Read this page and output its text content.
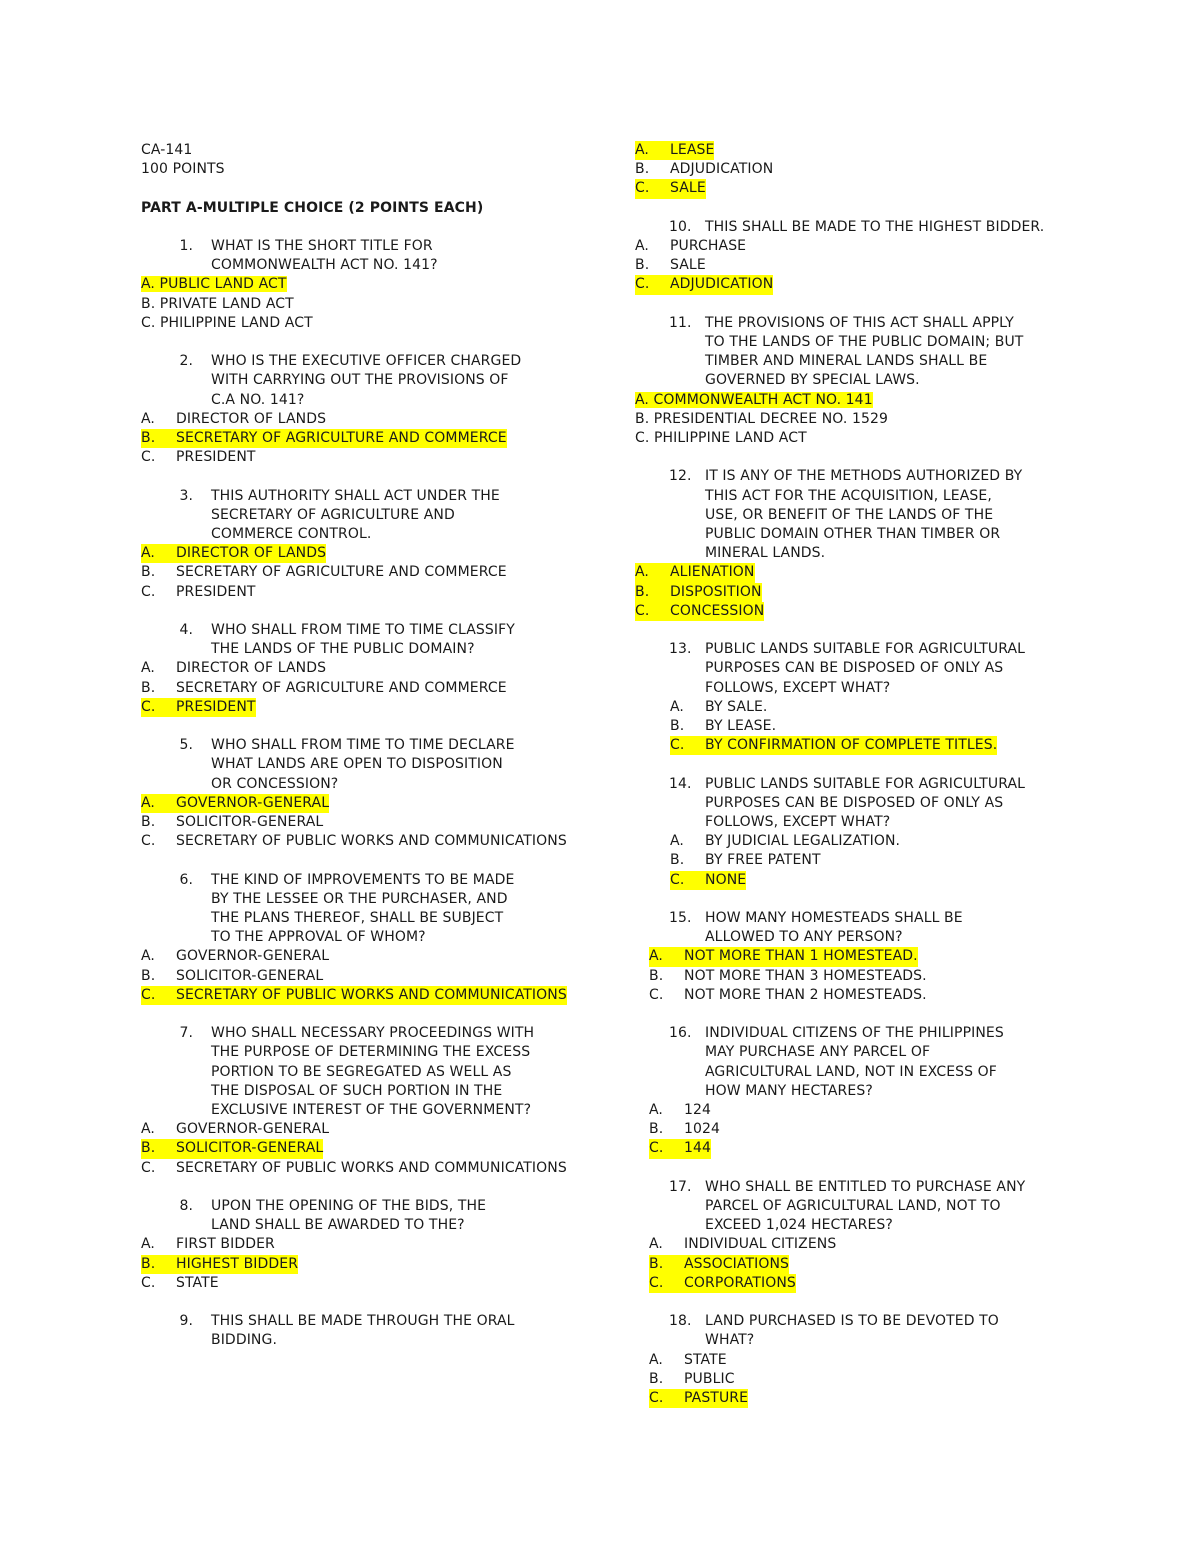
CA-141
100 POINTS
PART A-MULTIPLE CHOICE (2 POINTS EACH)
1.	WHAT IS THE SHORT TITLE FOR COMMONWEALTH ACT NO. 141?
A. PUBLIC LAND ACT
B. PRIVATE LAND ACT
C. PHILIPPINE LAND ACT
2.	WHO IS THE EXECUTIVE OFFICER CHARGED WITH CARRYING OUT THE PROVISIONS OF C.A NO. 141?
A.	DIRECTOR OF LANDS
B.	SECRETARY OF AGRICULTURE AND COMMERCE
C.	PRESIDENT
3.	THIS AUTHORITY SHALL ACT UNDER THE SECRETARY OF AGRICULTURE AND COMMERCE CONTROL.
A.	DIRECTOR OF LANDS
B.	SECRETARY OF AGRICULTURE AND COMMERCE
C.	PRESIDENT
4.	WHO SHALL FROM TIME TO TIME CLASSIFY THE LANDS OF THE PUBLIC DOMAIN?
A.	DIRECTOR OF LANDS
B.	SECRETARY OF AGRICULTURE AND COMMERCE
C.	PRESIDENT
5.	WHO SHALL FROM TIME TO TIME DECLARE WHAT LANDS ARE OPEN TO DISPOSITION OR CONCESSION?
A.	GOVERNOR-GENERAL
B.	SOLICITOR-GENERAL
C.	SECRETARY OF PUBLIC WORKS AND COMMUNICATIONS
6.	THE KIND OF IMPROVEMENTS TO BE MADE BY THE LESSEE OR THE PURCHASER, AND THE PLANS THEREOF, SHALL BE SUBJECT TO THE APPROVAL OF WHOM?
A.	GOVERNOR-GENERAL
B.	SOLICITOR-GENERAL
C.	SECRETARY OF PUBLIC WORKS AND COMMUNICATIONS
7.	WHO SHALL NECESSARY PROCEEDINGS WITH THE PURPOSE OF DETERMINING THE EXCESS PORTION TO BE SEGREGATED AS WELL AS THE DISPOSAL OF SUCH PORTION IN THE EXCLUSIVE INTEREST OF THE GOVERNMENT?
A.	GOVERNOR-GENERAL
B.	SOLICITOR-GENERAL
C.	SECRETARY OF PUBLIC WORKS AND COMMUNICATIONS
8.	UPON THE OPENING OF THE BIDS, THE LAND SHALL BE AWARDED TO THE?
A.	FIRST BIDDER
B.	HIGHEST BIDDER
C.	STATE
9.	THIS SHALL BE MADE THROUGH THE ORAL BIDDING.
A.	LEASE
B.	ADJUDICATION
C.	SALE
10. THIS SHALL BE MADE TO THE HIGHEST BIDDER.
A.	PURCHASE
B.	SALE
C.	ADJUDICATION
11. THE PROVISIONS OF THIS ACT SHALL APPLY TO THE LANDS OF THE PUBLIC DOMAIN; BUT TIMBER AND MINERAL LANDS SHALL BE GOVERNED BY SPECIAL LAWS.
A. COMMONWEALTH ACT NO. 141
B. PRESIDENTIAL DECREE NO. 1529
C. PHILIPPINE LAND ACT
12. IT IS ANY OF THE METHODS AUTHORIZED BY THIS ACT FOR THE ACQUISITION, LEASE, USE, OR BENEFIT OF THE LANDS OF THE PUBLIC DOMAIN OTHER THAN TIMBER OR MINERAL LANDS.
A.	ALIENATION
B.	DISPOSITION
C.	CONCESSION
13. PUBLIC LANDS SUITABLE FOR AGRICULTURAL PURPOSES CAN BE DISPOSED OF ONLY AS FOLLOWS, EXCEPT WHAT?
A.	BY SALE.
B.	BY LEASE.
C.	BY CONFIRMATION OF COMPLETE TITLES.
14. PUBLIC LANDS SUITABLE FOR AGRICULTURAL PURPOSES CAN BE DISPOSED OF ONLY AS FOLLOWS, EXCEPT WHAT?
A.	BY JUDICIAL LEGALIZATION.
B.	BY FREE PATENT
C.	NONE
15. HOW MANY HOMESTEADS SHALL BE ALLOWED TO ANY PERSON?
A.	NOT MORE THAN 1 HOMESTEAD.
B.	NOT MORE THAN 3 HOMESTEADS.
C.	NOT MORE THAN 2 HOMESTEADS.
16. INDIVIDUAL CITIZENS OF THE PHILIPPINES MAY PURCHASE ANY PARCEL OF AGRICULTURAL LAND, NOT IN EXCESS OF HOW MANY HECTARES?
A.	124
B.	1024
C.	144
17. WHO SHALL BE ENTITLED TO PURCHASE ANY PARCEL OF AGRICULTURAL LAND, NOT TO EXCEED 1,024 HECTARES?
A.	INDIVIDUAL CITIZENS
B.	ASSOCIATIONS
C.	CORPORATIONS
18. LAND PURCHASED IS TO BE DEVOTED TO WHAT?
A.	STATE
B.	PUBLIC
C.	PASTURE
